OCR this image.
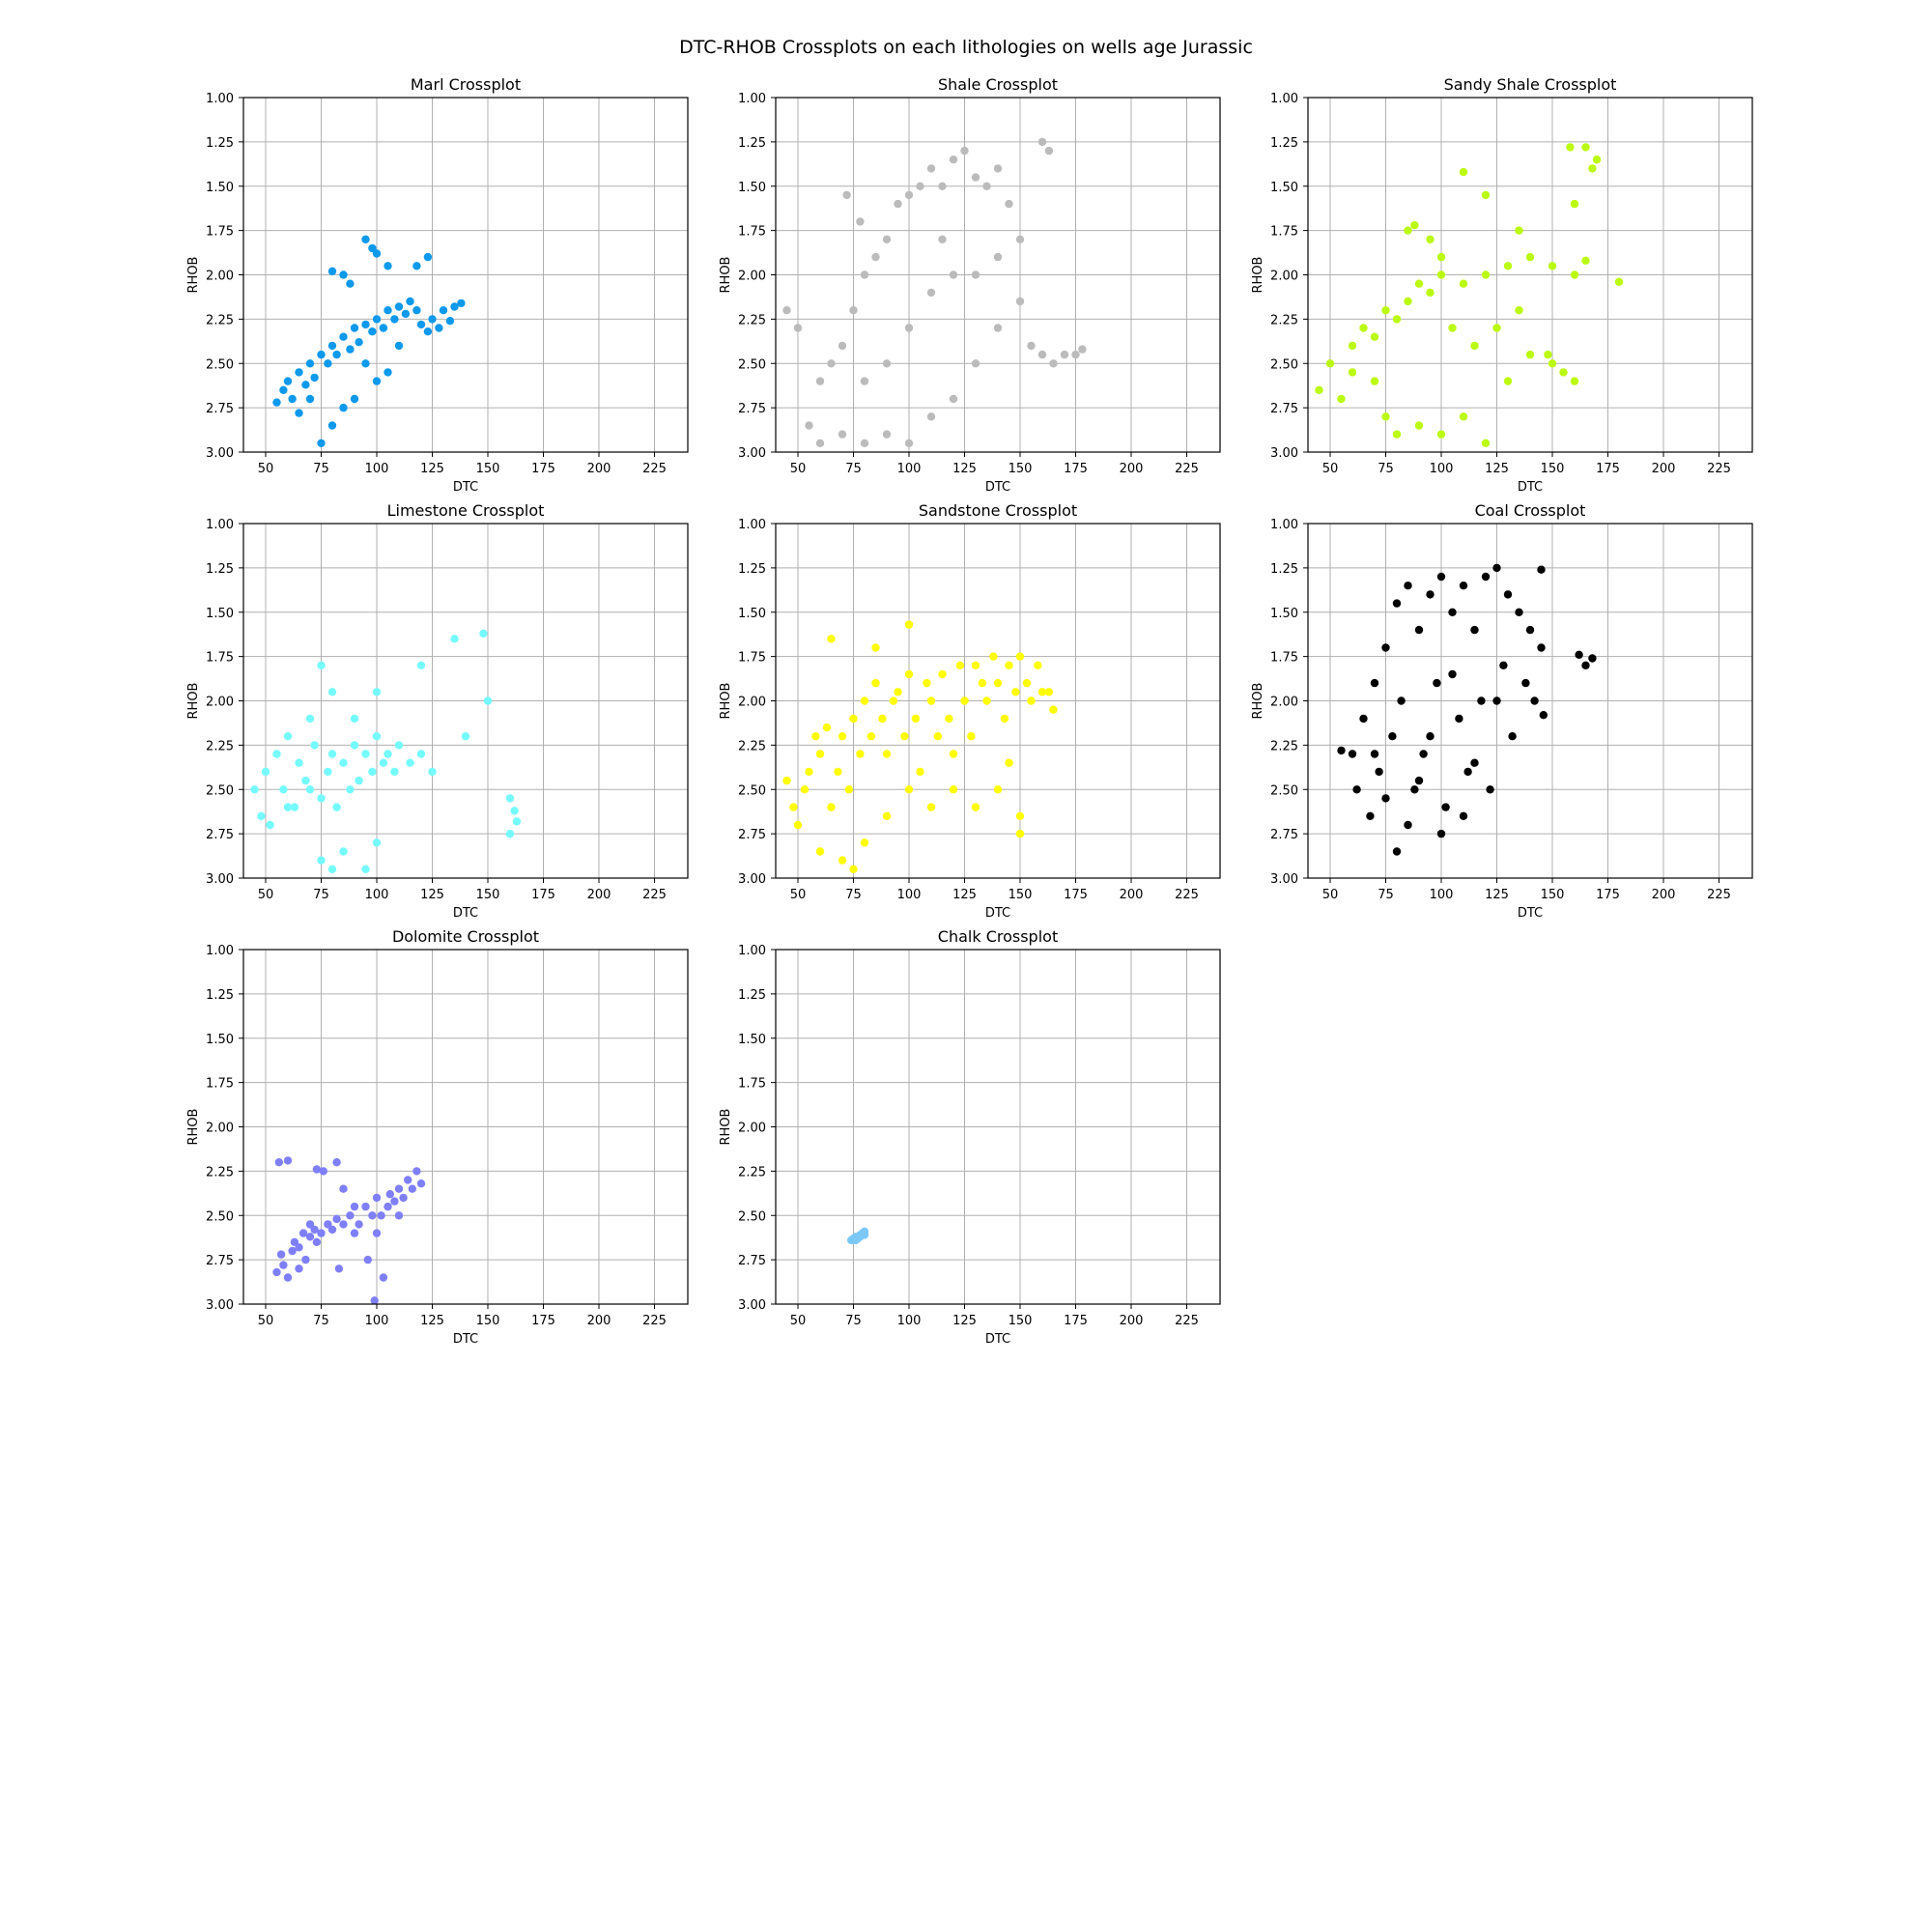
DTC-RHOB Crossplots on each lithologies on wells age Jurassic
50	75	100	125	150	175	200	225
1.00
1.25
1.50
1.75
2.00
2.25
2.50
2.75
3.00
Marl Crossplot
DTC
RHOB
50	75	100	125	150	175	200	225
1.00
1.25
1.50
1.75
2.00
2.25
2.50
2.75
3.00
Shale Crossplot
DTC
RHOB
50	75	100	125	150	175	200	225
1.00
1.25
1.50
1.75
2.00
2.25
2.50
2.75
3.00
Sandy Shale Crossplot
DTC
RHOB
50	75	100	125	150	175	200	225
1.00
1.25
1.50
1.75
2.00
2.25
2.50
2.75
3.00
Limestone Crossplot
DTC
RHOB
50	75	100	125	150	175	200	225
1.00
1.25
1.50
1.75
2.00
2.25
2.50
2.75
3.00
Sandstone Crossplot
DTC
RHOB
50	75	100	125	150	175	200	225
1.00
1.25
1.50
1.75
2.00
2.25
2.50
2.75
3.00
Coal Crossplot
DTC
RHOB
50	75	100	125	150	175	200	225
1.00
1.25
1.50
1.75
2.00
2.25
2.50
2.75
3.00
Dolomite Crossplot
DTC
RHOB
50	75	100	125	150	175	200	225
1.00
1.25
1.50
1.75
2.00
2.25
2.50
2.75
3.00
Chalk Crossplot
DTC
RHOB
